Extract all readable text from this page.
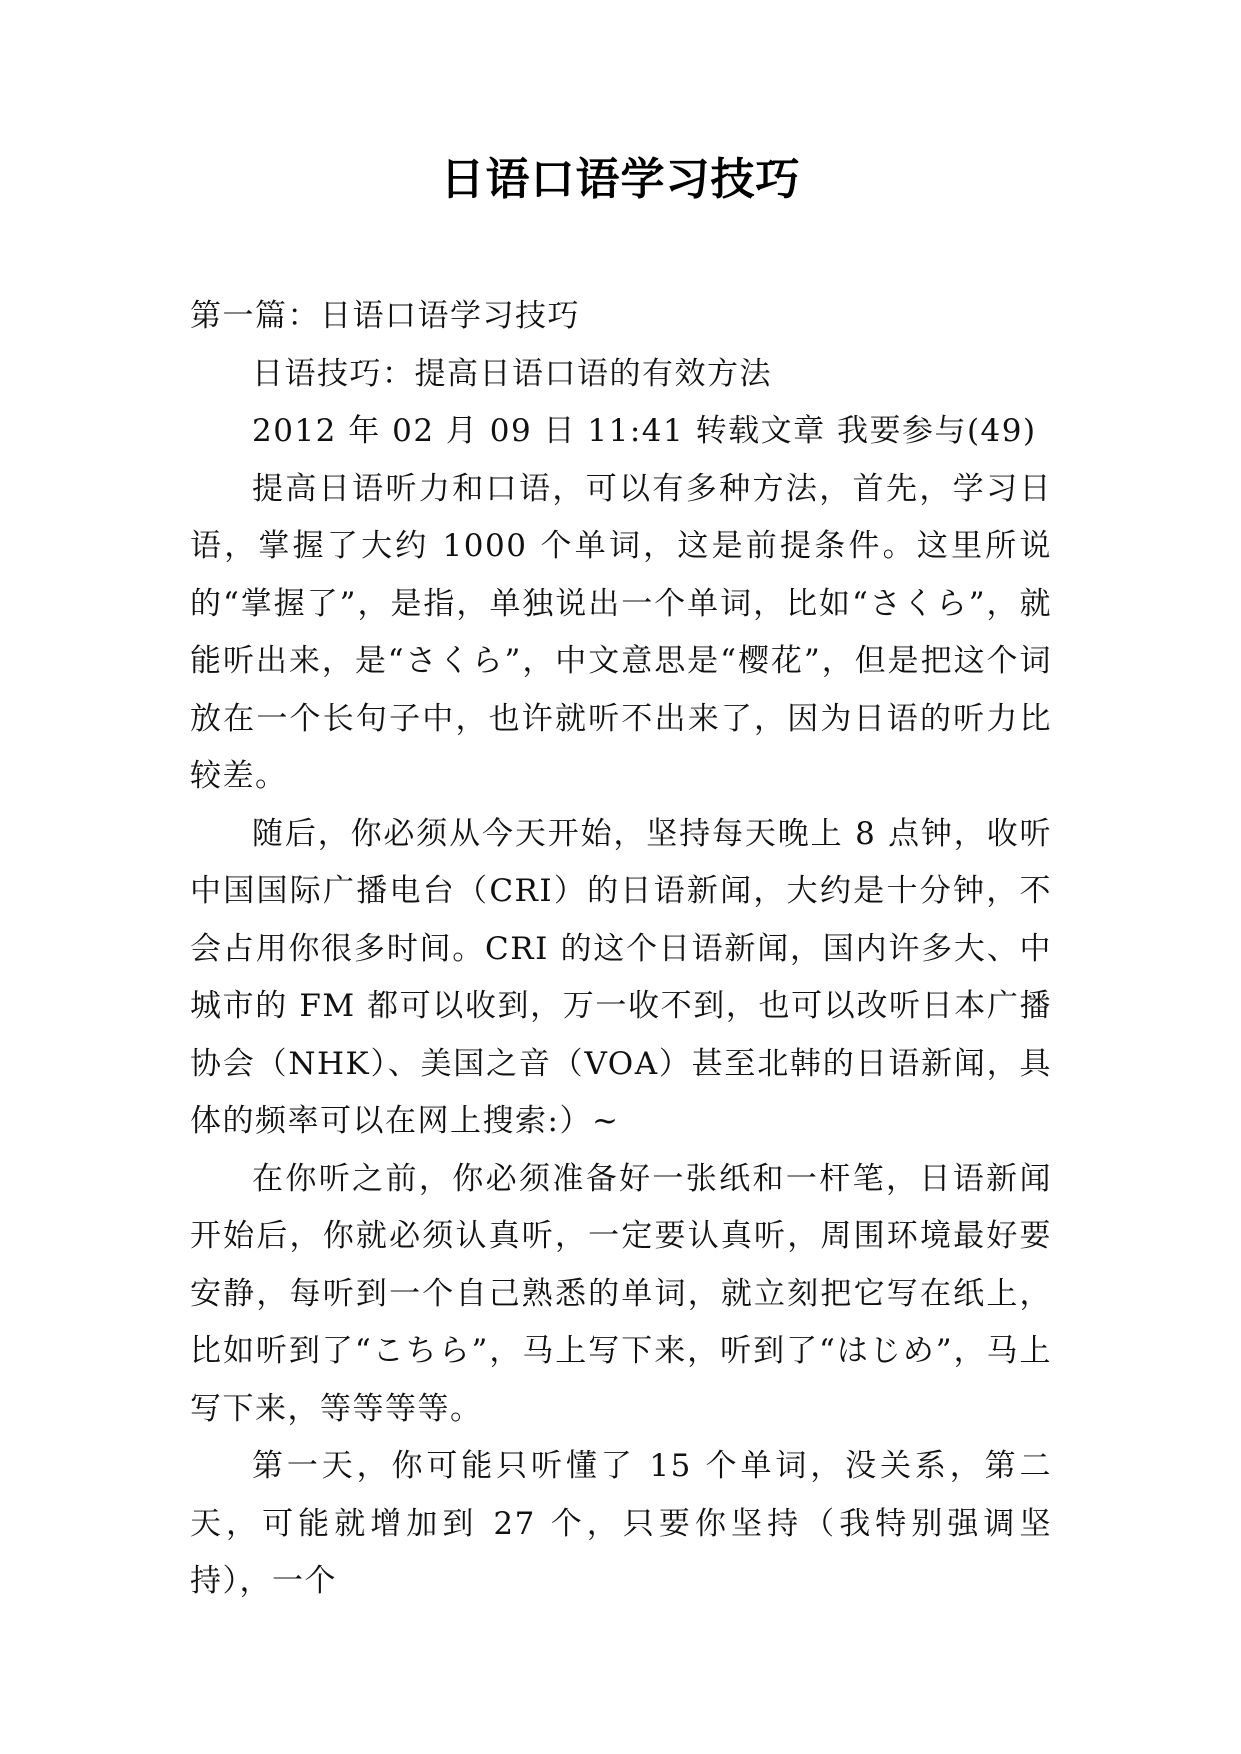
日语口语学习技巧

第一篇：日语口语学习技巧

日语技巧：提高日语口语的有效方法

2012 年 02 月 09 日 11:41 转载文章 我要参与(49)

提高日语听力和口语，可以有多种方法，首先，学习日语，掌握了大约 1000 个单词，这是前提条件。这里所说的“掌握了”，是指，单独说出一个单词，比如“さくら”，就能听出来，是“さくら”，中文意思是“樱花”，但是把这个词放在一个长句子中，也许就听不出来了，因为日语的听力比较差。

随后，你必须从今天开始，坚持每天晚上 8 点钟，收听中国国际广播电台（CRI）的日语新闻，大约是十分钟，不会占用你很多时间。CRI 的这个日语新闻，国内许多大、中城市的 FM 都可以收到，万一收不到，也可以改听日本广播协会（NHK）、美国之音（VOA）甚至北韩的日语新闻，具体的频率可以在网上搜索:）~

在你听之前，你必须准备好一张纸和一杆笔，日语新闻开始后，你就必须认真听，一定要认真听，周围环境最好要安静，每听到一个自己熟悉的单词，就立刻把它写在纸上，比如听到了“こちら”，马上写下来，听到了“はじめ”，马上写下来，等等等等。

第一天，你可能只听懂了 15 个单词，没关系，第二天，可能就增加到 27 个，只要你坚持（我特别强调坚持），一个
